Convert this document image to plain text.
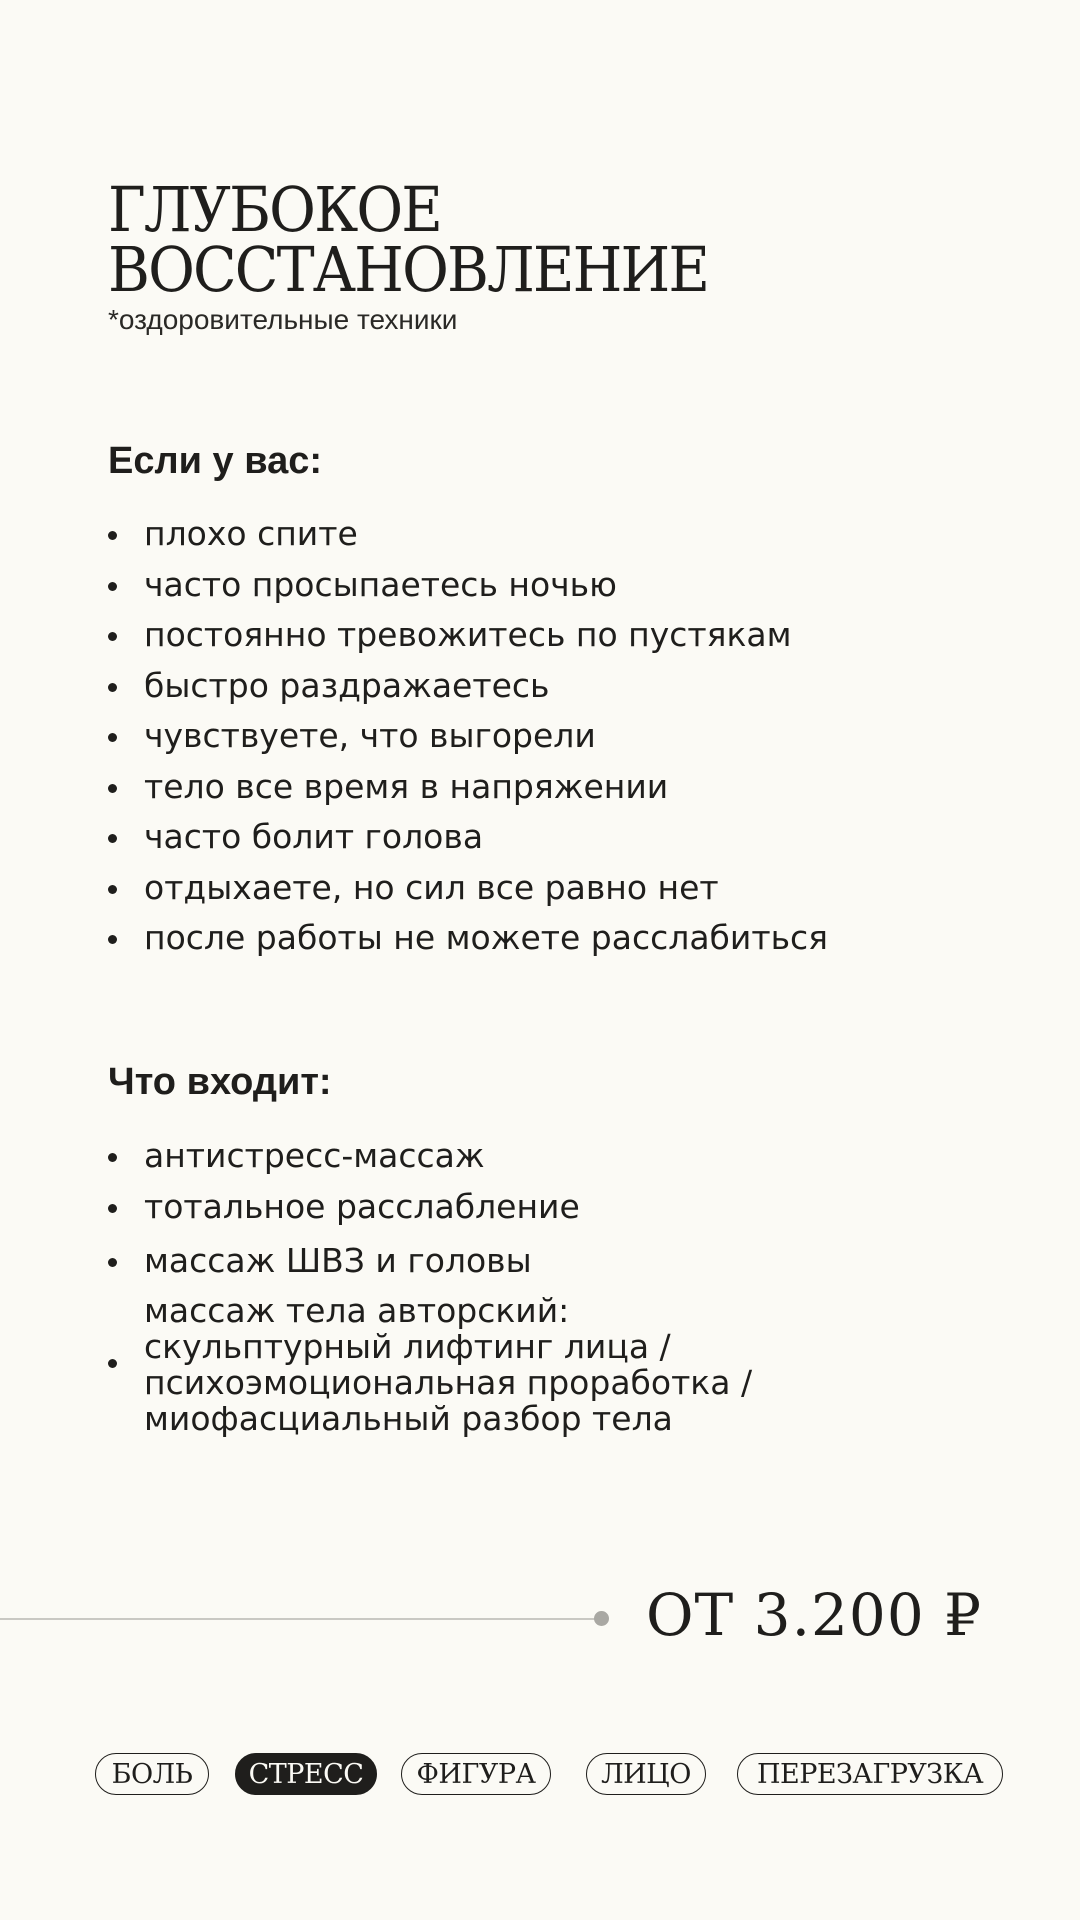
ГЛУБОКОЕ
ВОССТАНОВЛЕНИЕ
*оздоровительные техники
Если у вас:
плохо спите
часто просыпаетесь ночью
постоянно тревожитесь по пустякам
быстро раздражаетесь
чувствуете, что выгорели
тело все время в напряжении
часто болит голова
отдыхаете, но сил все равно нет
после работы не можете расслабиться
Что входит:
антистресс-массаж
тотальное расслабление
массаж ШВЗ и головы
массаж тела авторский:
скульптурный лифтинг лица /
психоэмоциональная проработка /
миофасциальный разбор тела
ОТ 3.200 ₽
БОЛЬ	СТРЕСС	ФИГУРА	ЛИЦО	ПЕРЕЗАГРУЗКА
